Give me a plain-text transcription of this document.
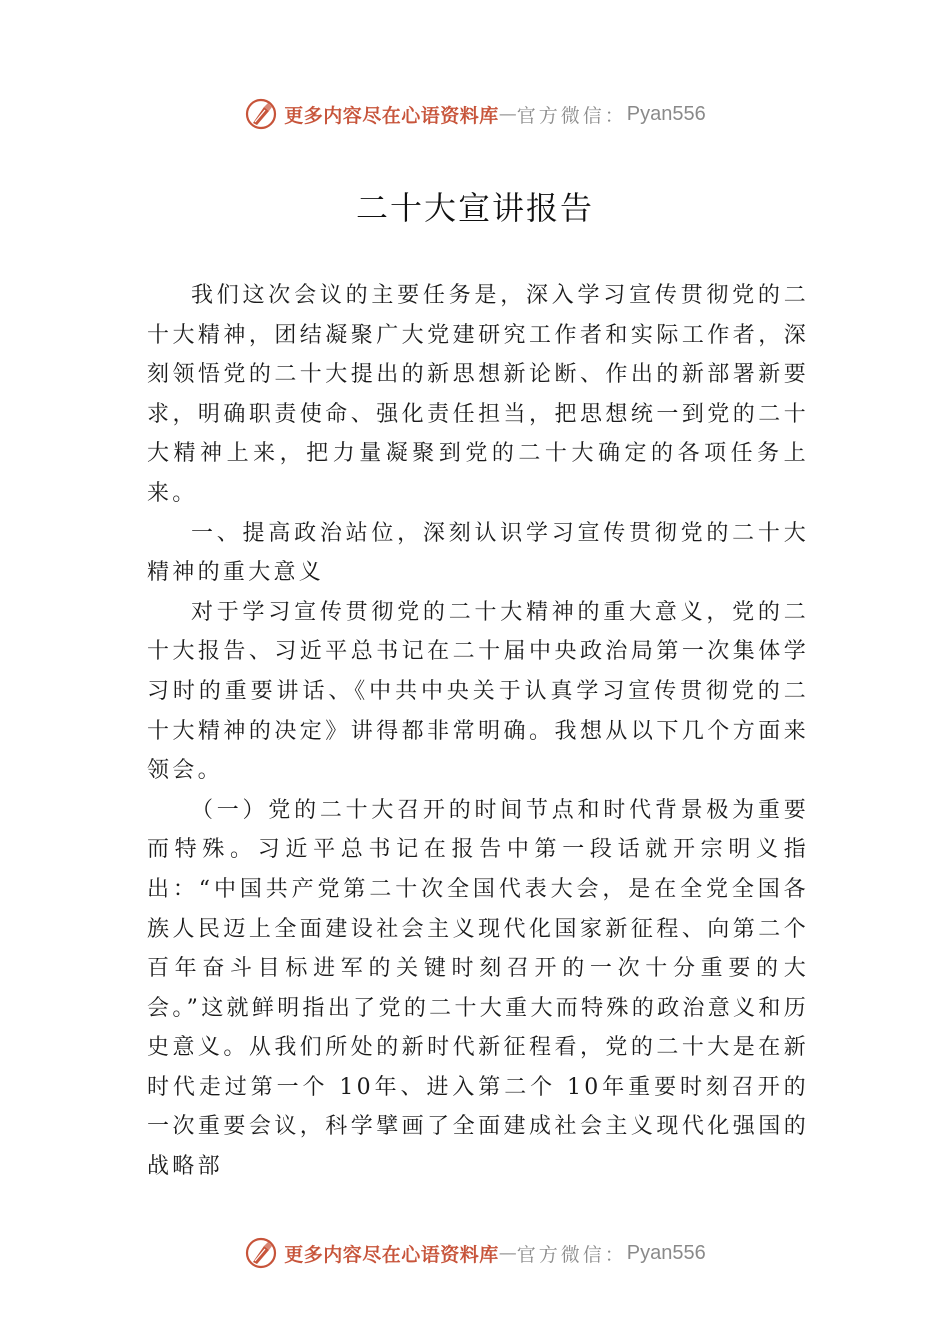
更多内容尽在心语资料库 — 官方微信： Pyan556
二十大宣讲报告

我们这次会议的主要任务是，深入学习宣传贯彻党的二十大精神，团结凝聚广大党建研究工作者和实际工作者，深刻领悟党的二十大提出的新思想新论断、作出的新部署新要求，明确职责使命、强化责任担当，把思想统一到党的二十大精神上来，把力量凝聚到党的二十大确定的各项任务上来。

一、提高政治站位，深刻认识学习宣传贯彻党的二十大精神的重大意义

对于学习宣传贯彻党的二十大精神的重大意义，党的二十大报告、习近平总书记在二十届中央政治局第一次集体学习时的重要讲话、《中共中央关于认真学习宣传贯彻党的二 十大精神的决定》讲得都非常明确。我想从以下几个方面来领会。

（一）党的二十大召开的时间节点和时代背景极为重要而特殊。习近平总书记在报告中第一段话就开宗明义指出：“中国共产党第二十次全国代表大会，是在全党全国各族人民迈上全面建设社会主义现代化国家新征程、向第二个百年奋斗目标进军的关键时刻召开的一次十分重要的大会。”这就鲜明指出了党的二十大重大而特殊的政治意义和历史意义。从我们所处的新时代新征程看，党的二十大是在新时代走过第一个 10年、进入第二个 10年重要时刻召开的一次重要会议，科学擘画了全面建成社会主义现代化强国的战略部

更多内容尽在心语资料库 — 官方微信： Pyan556
